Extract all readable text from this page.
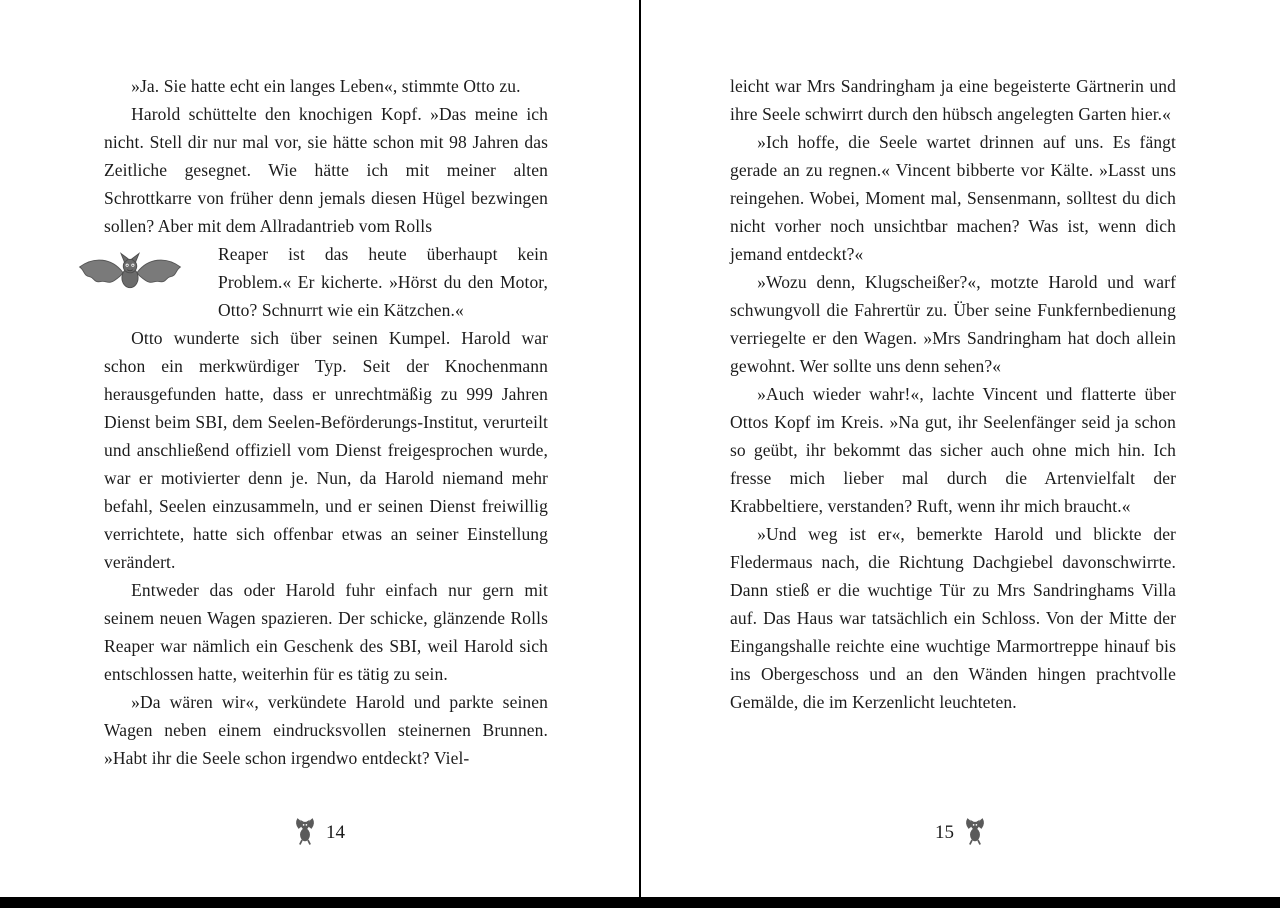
»Ja. Sie hatte echt ein langes Leben«, stimmte Otto zu.

Harold schüttelte den knochigen Kopf. »Das meine ich nicht. Stell dir nur mal vor, sie hätte schon mit 98 Jahren das Zeitliche gesegnet. Wie hätte ich mit meiner alten Schrottkarre von früher denn jemals diesen Hügel bezwingen sollen? Aber mit dem Allradantrieb vom Rolls

Reaper ist das heute überhaupt kein Problem.« Er kicherte. »Hörst du den Motor, Otto? Schnurrt wie ein Kätzchen.«

Otto wunderte sich über seinen Kumpel. Harold war schon ein merkwürdiger Typ. Seit der Knochenmann herausgefunden hatte, dass er unrechtmäßig zu 999 Jahren Dienst beim SBI, dem Seelen-Beförderungs-Institut, verurteilt und anschließend offiziell vom Dienst freigesprochen wurde, war er motivierter denn je. Nun, da Harold niemand mehr befahl, Seelen einzusammeln, und er seinen Dienst freiwillig verrichtete, hatte sich offenbar etwas an seiner Einstellung verändert.

Entweder das oder Harold fuhr einfach nur gern mit seinem neuen Wagen spazieren. Der schicke, glänzende Rolls Reaper war nämlich ein Geschenk des SBI, weil Harold sich entschlossen hatte, weiterhin für es tätig zu sein.

»Da wären wir«, verkündete Harold und parkte seinen Wagen neben einem eindrucksvollen steinernen Brunnen. »Habt ihr die Seele schon irgendwo entdeckt? Viel-

14

leicht war Mrs Sandringham ja eine begeisterte Gärtnerin und ihre Seele schwirrt durch den hübsch angelegten Garten hier.«

»Ich hoffe, die Seele wartet drinnen auf uns. Es fängt gerade an zu regnen.« Vincent bibberte vor Kälte. »Lasst uns reingehen. Wobei, Moment mal, Sensenmann, solltest du dich nicht vorher noch unsichtbar machen? Was ist, wenn dich jemand entdeckt?«

»Wozu denn, Klugscheißer?«, motzte Harold und warf schwungvoll die Fahrertür zu. Über seine Funkfernbedienung verriegelte er den Wagen. »Mrs Sandringham hat doch allein gewohnt. Wer sollte uns denn sehen?«

»Auch wieder wahr!«, lachte Vincent und flatterte über Ottos Kopf im Kreis. »Na gut, ihr Seelenfänger seid ja schon so geübt, ihr bekommt das sicher auch ohne mich hin. Ich fresse mich lieber mal durch die Artenvielfalt der Krabbeltiere, verstanden? Ruft, wenn ihr mich braucht.«

»Und weg ist er«, bemerkte Harold und blickte der Fledermaus nach, die Richtung Dachgiebel davonschwirrte. Dann stieß er die wuchtige Tür zu Mrs Sandringhams Villa auf. Das Haus war tatsächlich ein Schloss. Von der Mitte der Eingangshalle reichte eine wuchtige Marmortreppe hinauf bis ins Obergeschoss und an den Wänden hingen prachtvolle Gemälde, die im Kerzenlicht leuchteten.

15
